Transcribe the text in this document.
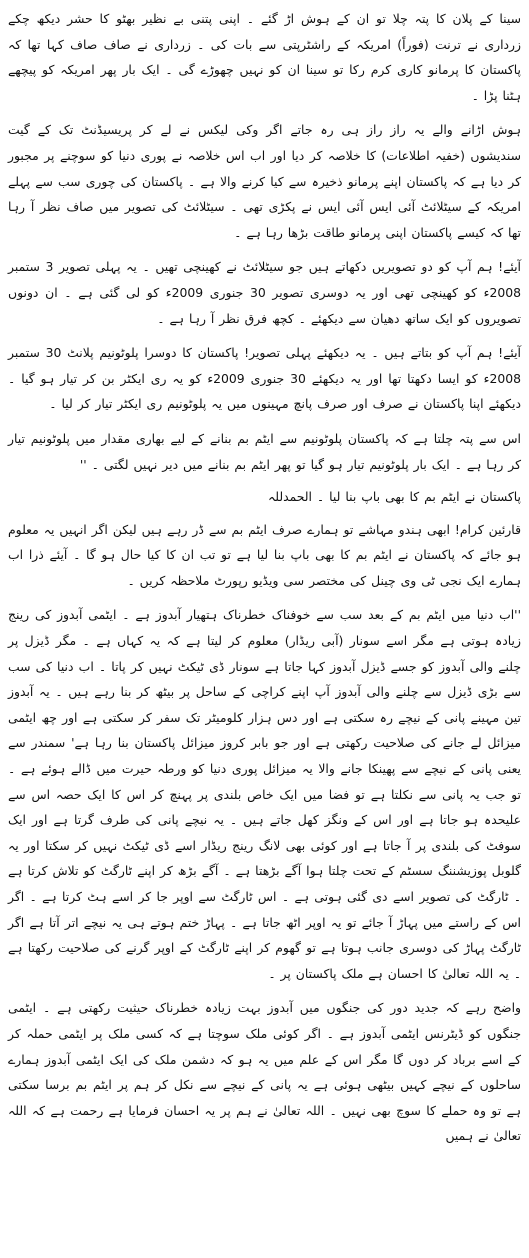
سینا کے پلان کا پتہ چلا تو ان کے ہوش اڑ گئے ۔ اپنی پتنی بے نظیر بھٹو کا حشر دیکھ چکے زرداری نے ترنت (فوراً) امریکہ کے راشٹرپتی سے بات کی ۔ زرداری نے صاف صاف کہا تھا کہ پاکستان کا پرمانو کاری کرم رکا تو سینا ان کو نہیں چھوڑے گی ۔ ایک بار پھر امریکہ کو پیچھے ہٹنا پڑا ۔

ہوش اڑانے والے یہ راز راز ہی رہ جاتے اگر وکی لیکس نے لے کر پریسیڈنٹ تک کے گیت سندیشوں (خفیہ اطلاعات) کا خلاصہ کر دیا اور اب اس خلاصہ نے پوری دنیا کو سوچنے پر مجبور کر دیا ہے کہ پاکستان اپنے پرمانو ذخیرہ سے کیا کرنے والا ہے ۔ پاکستان کی چوری سب سے پہلے امریکہ کے سیٹلائٹ آئی ایس آئی ایس نے پکڑی تھی ۔ سیٹلائٹ کی تصویر میں صاف نظر آ رہا تھا کہ کیسے پاکستان اپنی پرمانو طاقت بڑھا رہا ہے ۔

آیئے! ہم آپ کو دو تصویریں دکھاتے ہیں جو سیٹلائٹ نے کھینچی تھیں ۔ یہ پہلی تصویر 3 ستمبر 2008ء کو کھینچی تھی اور یہ دوسری تصویر 30 جنوری 2009ء کو لی گئی ہے ۔ ان دونوں تصویروں کو ایک ساتھ دھیان سے دیکھئے ۔ کچھ فرق نظر آ رہا ہے ۔

آیئے! ہم آپ کو بتاتے ہیں ۔ یہ دیکھئے پہلی تصویر! پاکستان کا دوسرا پلوٹونیم پلانٹ 30 ستمبر 2008ء کو ایسا دکھتا تھا اور یہ دیکھئے 30 جنوری 2009ء کو یہ ری ایکٹر بن کر تیار ہو گیا ۔ دیکھئے اپنا پاکستان نے صرف اور صرف پانچ مہینوں میں یہ پلوٹونیم ری ایکٹر تیار کر لیا ۔

اس سے پتہ چلتا ہے کہ پاکستان پلوٹونیم سے ایٹم بم بنانے کے لیے بھاری مقدار میں پلوٹونیم تیار کر رہا ہے ۔ ایک بار پلوٹونیم تیار ہو گیا تو پھر ایٹم بم بنانے میں دیر نہیں لگتی ۔ ''

پاکستان نے ایٹم بم کا بھی باپ بنا لیا ۔ الحمدللہ

قارئین کرام! ابھی ہندو مہاشے تو ہمارے صرف ایٹم بم سے ڈر رہے ہیں لیکن اگر انہیں یہ معلوم ہو جائے کہ پاکستان نے ایٹم بم کا بھی باپ بنا لیا ہے تو تب ان کا کیا حال ہو گا ۔ آیئے ذرا اب ہمارے ایک نجی ٹی وی چینل کی مختصر سی ویڈیو رپورٹ ملاحظہ کریں ۔

''اب دنیا میں ایٹم بم کے بعد سب سے خوفناک خطرناک ہتھیار آبدوز ہے ۔ ایٹمی آبدوز کی رینج زیادہ ہوتی ہے مگر اسے سونار (آبی ریڈار) معلوم کر لیتا ہے کہ یہ کہاں ہے ۔ مگر ڈیزل پر چلنے والی آبدوز کو جسے ڈیزل آبدوز کہا جاتا ہے سونار ڈی ٹیکٹ نہیں کر پاتا ۔ اب دنیا کی سب سے بڑی ڈیزل سے چلنے والی آبدوز آپ اپنے کراچی کے ساحل پر بیٹھ کر بنا رہے ہیں ۔ یہ آبدوز تین مہینے پانی کے نیچے رہ سکتی ہے اور دس ہزار کلومیٹر تک سفر کر سکتی ہے اور چھ ایٹمی میزائل لے جانے کی صلاحیت رکھتی ہے اور جو بابر کروز میزائل پاکستان بنا رہا ہے' سمندر سے یعنی پانی کے نیچے سے پھینکا جانے والا یہ میزائل پوری دنیا کو ورطہ حیرت میں ڈالے ہوئے ہے ۔ تو جب یہ پانی سے نکلتا ہے تو فضا میں ایک خاص بلندی پر پہنچ کر اس کا ایک حصہ اس سے علیحدہ ہو جاتا ہے اور اس کے ونگز کھل جاتے ہیں ۔ یہ نیچے پانی کی طرف گرتا ہے اور ایک سوفٹ کی بلندی پر آ جاتا ہے اور کوئی بھی لانگ رینج ریڈار اسے ڈی ٹیکٹ نہیں کر سکتا اور یہ گلوبل پوزیشننگ سسٹم کے تحت چلتا ہوا آگے بڑھتا ہے ۔ آگے بڑھ کر اپنے ٹارگٹ کو تلاش کرتا ہے ۔ ٹارگٹ کی تصویر اسے دی گئی ہوتی ہے ۔ اس ٹارگٹ سے اوپر جا کر اسے ہٹ کرتا ہے ۔ اگر اس کے راستے میں پہاڑ آ جائے تو یہ اوپر اٹھ جاتا ہے ۔ پہاڑ ختم ہوتے ہی یہ نیچے اتر آتا ہے اگر ٹارگٹ پہاڑ کی دوسری جانب ہوتا ہے تو گھوم کر اپنے ٹارگٹ کے اوپر گرنے کی صلاحیت رکھتا ہے ۔ یہ اللہ تعالیٰ کا احسان ہے ملک پاکستان پر ۔

واضح رہے کہ جدید دور کی جنگوں میں آبدوز بہت زیادہ خطرناک حیثیت رکھتی ہے ۔ ایٹمی جنگوں کو ڈیٹرنس ایٹمی آبدوز ہے ۔ اگر کوئی ملک سوچتا ہے کہ کسی ملک پر ایٹمی حملہ کر کے اسے برباد کر دوں گا مگر اس کے علم میں یہ ہو کہ دشمن ملک کی ایک ایٹمی آبدوز ہمارے ساحلوں کے نیچے کہیں بیٹھی ہوئی ہے یہ پانی کے نیچے سے نکل کر ہم پر ایٹم بم برسا سکتی ہے تو وہ حملے کا سوچ بھی نہیں ۔ اللہ تعالیٰ نے ہم پر یہ احسان فرمایا ہے رحمت ہے کہ اللہ تعالیٰ نے ہمیں
